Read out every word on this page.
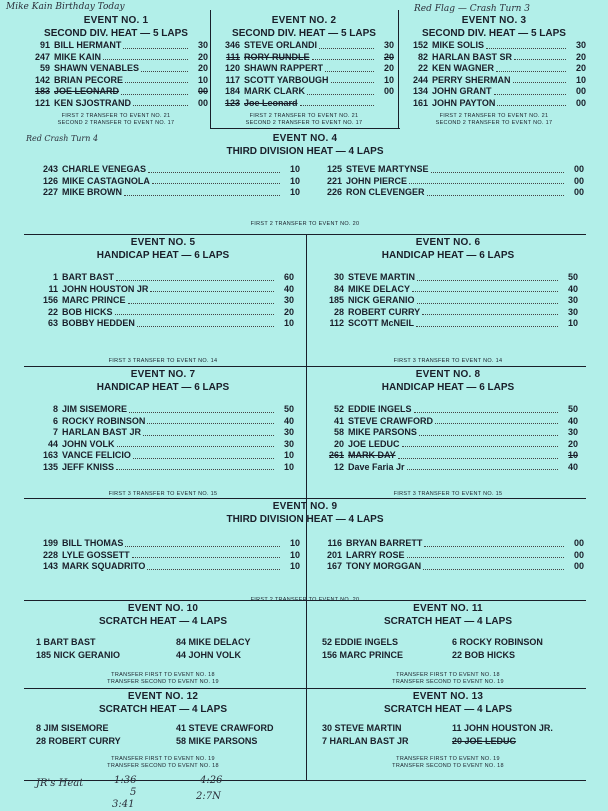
Mike Kain Birthday Today	Red Flag — Crash Turn 3
EVENT NO. 1
SECOND DIV. HEAT — 5 LAPS
91 BILL HERMANT	30
247 MIKE KAIN	20
59 SHAWN VENABLES	20
142 BRIAN PECORE	10
183 JOE LEONARD	00
121 KEN SJOSTRAND	00
FIRST 2 TRANSFER TO EVENT NO. 21
SECOND 2 TRANSFER TO EVENT NO. 17
EVENT NO. 2
SECOND DIV. HEAT — 5 LAPS
346 STEVE ORLANDI	30
111 RORY RUNDLE	20
120 SHAWN RAPPERT	20
117 SCOTT YARBOUGH	10
184 MARK CLARK	00
123 Joe Leonard
FIRST 2 TRANSFER TO EVENT NO. 21
SECOND 2 TRANSFER TO EVENT NO. 17
EVENT NO. 3
SECOND DIV. HEAT — 5 LAPS
152 MIKE SOLIS	30
82 HARLAN BAST SR	20
22 KEN WAGNER	20
244 PERRY SHERMAN	10
134 JOHN GRANT	00
161 JOHN PAYTON	00
FIRST 2 TRANSFER TO EVENT NO. 21
SECOND 2 TRANSFER TO EVENT NO. 17
Red Crash Turn 4	EVENT NO. 4
THIRD DIVISION HEAT — 4 LAPS
243 CHARLE VENEGAS	10
126 MIKE CASTAGNOLA	10
227 MIKE BROWN	10
125 STEVE MARTYNSE	00
221 JOHN PIERCE	00
226 RON CLEVENGER	00
FIRST 2 TRANSFER TO EVENT NO. 20
EVENT NO. 5
HANDICAP HEAT — 6 LAPS
1 BART BAST	60
11 JOHN HOUSTON JR	40
156 MARC PRINCE	30
22 BOB HICKS	20
63 BOBBY HEDDEN	10
FIRST 3 TRANSFER TO EVENT NO. 14
EVENT NO. 6
HANDICAP HEAT — 6 LAPS
30 STEVE MARTIN	50
84 MIKE DELACY	40
185 NICK GERANIO	30
28 ROBERT CURRY	30
112 SCOTT McNEIL	10
FIRST 3 TRANSFER TO EVENT NO. 14
EVENT NO. 7
HANDICAP HEAT — 6 LAPS
8 JIM SISEMORE	50
6 ROCKY ROBINSON	40
7 HARLAN BAST JR	30
44 JOHN VOLK	30
163 VANCE FELICIO	10
135 JEFF KNISS	10
FIRST 3 TRANSFER TO EVENT NO. 15
EVENT NO. 8
HANDICAP HEAT — 6 LAPS
52 EDDIE INGELS	50
41 STEVE CRAWFORD	40
58 MIKE PARSONS	30
20 JOE LEDUC	20
261 MARK DAY	10
12 Dave Faria Jr	40
FIRST 3 TRANSFER TO EVENT NO. 15
EVENT NO. 9
THIRD DIVISION HEAT — 4 LAPS
199 BILL THOMAS	10
228 LYLE GOSSETT	10
143 MARK SQUADRITO	10
116 BRYAN BARRETT	00
201 LARRY ROSE	00
167 TONY MORGGAN	00
FIRST 2 TRANSFER TO EVENT NO. 20
EVENT NO. 10
SCRATCH HEAT — 4 LAPS
1 BART BAST	84 MIKE DELACY
185 NICK GERANIO	44 JOHN VOLK
TRANSFER FIRST TO EVENT NO. 18
TRANSFER SECOND TO EVENT NO. 19
EVENT NO. 11
SCRATCH HEAT — 4 LAPS
52 EDDIE INGELS	6 ROCKY ROBINSON
156 MARC PRINCE	22 BOB HICKS
TRANSFER FIRST TO EVENT NO. 18
TRANSFER SECOND TO EVENT NO. 19
EVENT NO. 12
SCRATCH HEAT — 4 LAPS
8 JIM SISEMORE	41 STEVE CRAWFORD
28 ROBERT CURRY	58 MIKE PARSONS
TRANSFER FIRST TO EVENT NO. 19
TRANSFER SECOND TO EVENT NO. 18
EVENT NO. 13
SCRATCH HEAT — 4 LAPS
30 STEVE MARTIN	11 JOHN HOUSTON JR.
7 HARLAN BAST JR	20 JOE LEDUC
TRANSFER FIRST TO EVENT NO. 19
TRANSFER SECOND TO EVENT NO. 18
JR's Heat	1:36
5
3:41
4:26
2:7N
